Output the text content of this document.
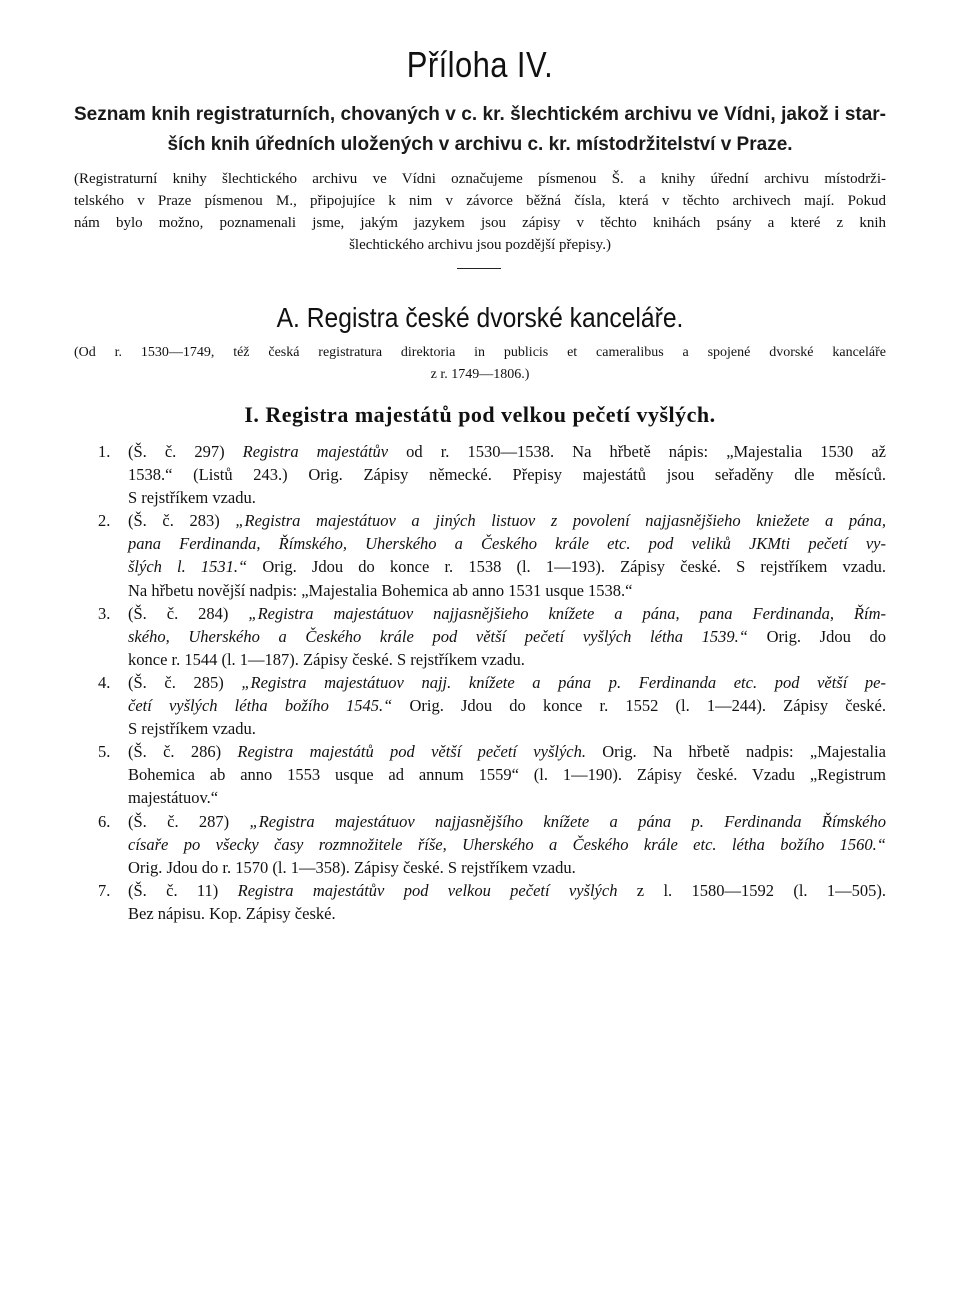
Příloha IV.
Seznam knih registraturních, chovaných v c. kr. šlechtickém archivu ve Vídni, jakož i star-
ších knih úředních uložených v archivu c. kr. místodržitelství v Praze.
(Registraturní knihy šlechtického archivu ve Vídni označujeme písmenou Š. a knihy úřední archivu místodrži-
telského v Praze písmenou M., připojujíce k nim v závorce běžná čísla, která v těchto archivech mají. Pokud
nám bylo možno, poznamenali jsme, jakým jazykem jsou zápisy v těchto knihách psány a které z knih
šlechtického archivu jsou pozdější přepisy.)
A. Registra české dvorské kanceláře.
(Od r. 1530—1749, též česká registratura direktoria in publicis et cameralibus a spojené dvorské kanceláře
z r. 1749—1806.)
I. Registra majestátů pod velkou pečetí vyšlých.
1.	(Š. č. 297) Registra majestátův od r. 1530—1538. Na hřbetě nápis: „Majestalia 1530 až
1538.“ (Listů 243.) Orig. Zápisy německé. Přepisy majestátů jsou seřaděny dle měsíců.
S rejstříkem vzadu.
2.	(Š. č. 283) „Registra majestátuov a jiných listuov z povolení najjasnějšieho kniežete a pána,
pana Ferdinanda, Římského, Uherského a Českého krále etc. pod veliků JKMti pečetí vy-
šlých l. 1531.“ Orig. Jdou do konce r. 1538 (l. 1—193). Zápisy české. S rejstříkem vzadu.
Na hřbetu novější nadpis: „Majestalia Bohemica ab anno 1531 usque 1538.“
3.	(Š. č. 284) „Registra majestátuov najjasnějšieho knížete a pána, pana Ferdinanda, Řím-
ského, Uherského a Českého krále pod větší pečetí vyšlých létha 1539.“ Orig. Jdou do
konce r. 1544 (l. 1—187). Zápisy české. S rejstříkem vzadu.
4.	(Š. č. 285) „Registra majestátuov najj. knížete a pána p. Ferdinanda etc. pod větší pe-
četí vyšlých létha božího 1545.“ Orig. Jdou do konce r. 1552 (l. 1—244). Zápisy české.
S rejstříkem vzadu.
5.	(Š. č. 286) Registra majestátů pod větší pečetí vyšlých. Orig. Na hřbetě nadpis: „Majestalia
Bohemica ab anno 1553 usque ad annum 1559“ (l. 1—190). Zápisy české. Vzadu „Registrum
majestátuov.“
6.	(Š. č. 287) „Registra majestátuov najjasnějšího knížete a pána p. Ferdinanda Římského
císaře po všecky časy rozmnožitele říše, Uherského a Českého krále etc. létha božího 1560.“
Orig. Jdou do r. 1570 (l. 1—358). Zápisy české. S rejstříkem vzadu.
7.	(Š. č. 11) Registra majestátův pod velkou pečetí vyšlých z l. 1580—1592 (l. 1—505).
Bez nápisu. Kop. Zápisy české.
